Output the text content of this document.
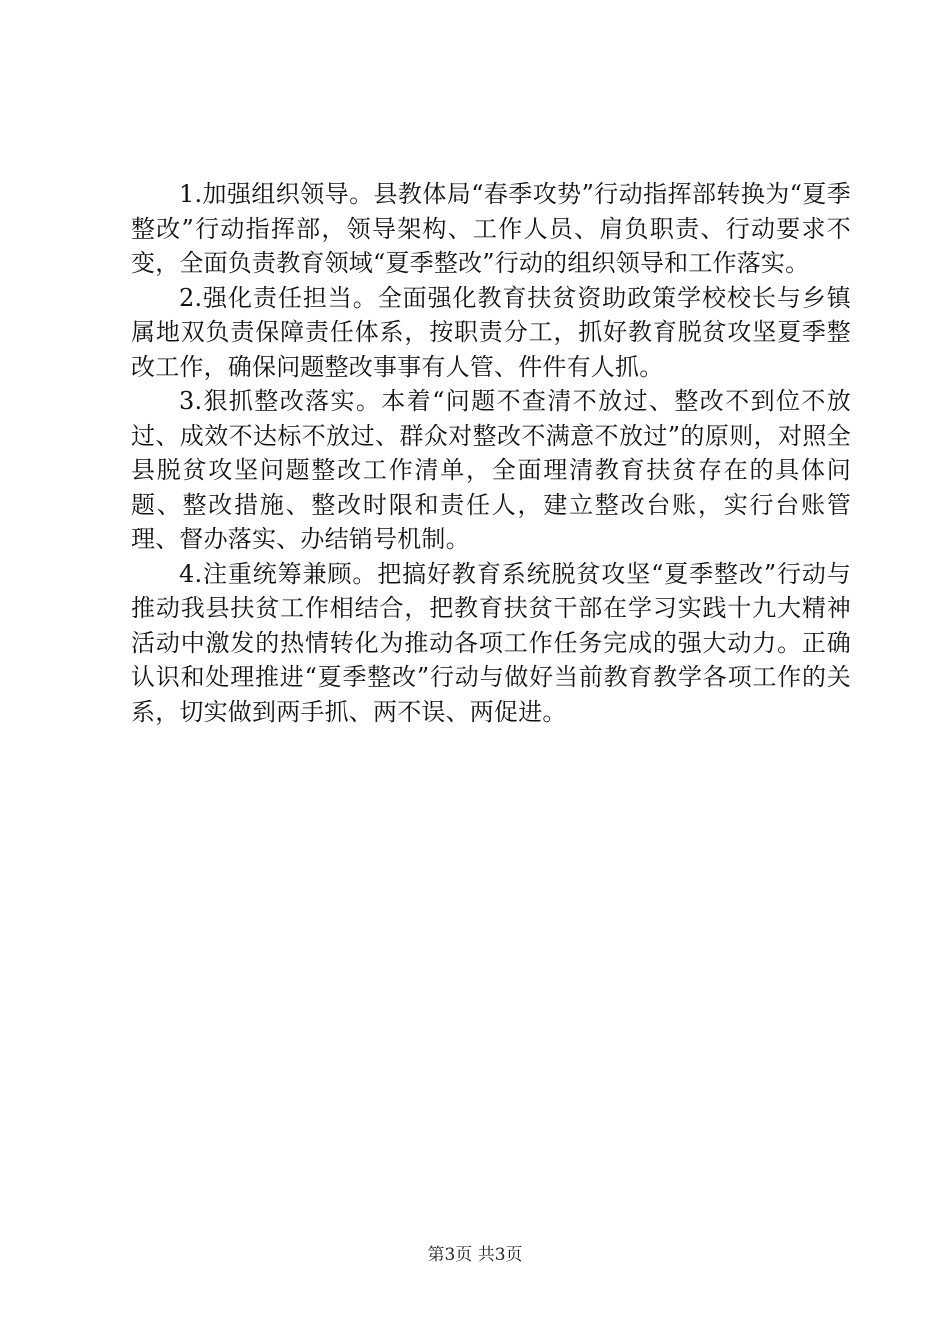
1.加强组织领导。县教体局“春季攻势”行动指挥部转换为“夏季整改”行动指挥部，领导架构、工作人员、肩负职责、行动要求不变，全面负责教育领域“夏季整改”行动的组织领导和工作落实。

2.强化责任担当。全面强化教育扶贫资助政策学校校长与乡镇属地双负责保障责任体系，按职责分工，抓好教育脱贫攻坚夏季整改工作，确保问题整改事事有人管、件件有人抓。

3.狠抓整改落实。本着“问题不查清不放过、整改不到位不放过、成效不达标不放过、群众对整改不满意不放过”的原则，对照全县脱贫攻坚问题整改工作清单，全面理清教育扶贫存在的具体问题、整改措施、整改时限和责任人，建立整改台账，实行台账管理、督办落实、办结销号机制。

4.注重统筹兼顾。把搞好教育系统脱贫攻坚“夏季整改”行动与推动我县扶贫工作相结合，把教育扶贫干部在学习实践十九大精神活动中激发的热情转化为推动各项工作任务完成的强大动力。正确认识和处理推进“夏季整改”行动与做好当前教育教学各项工作的关系，切实做到两手抓、两不误、两促进。

第3页 共3页
